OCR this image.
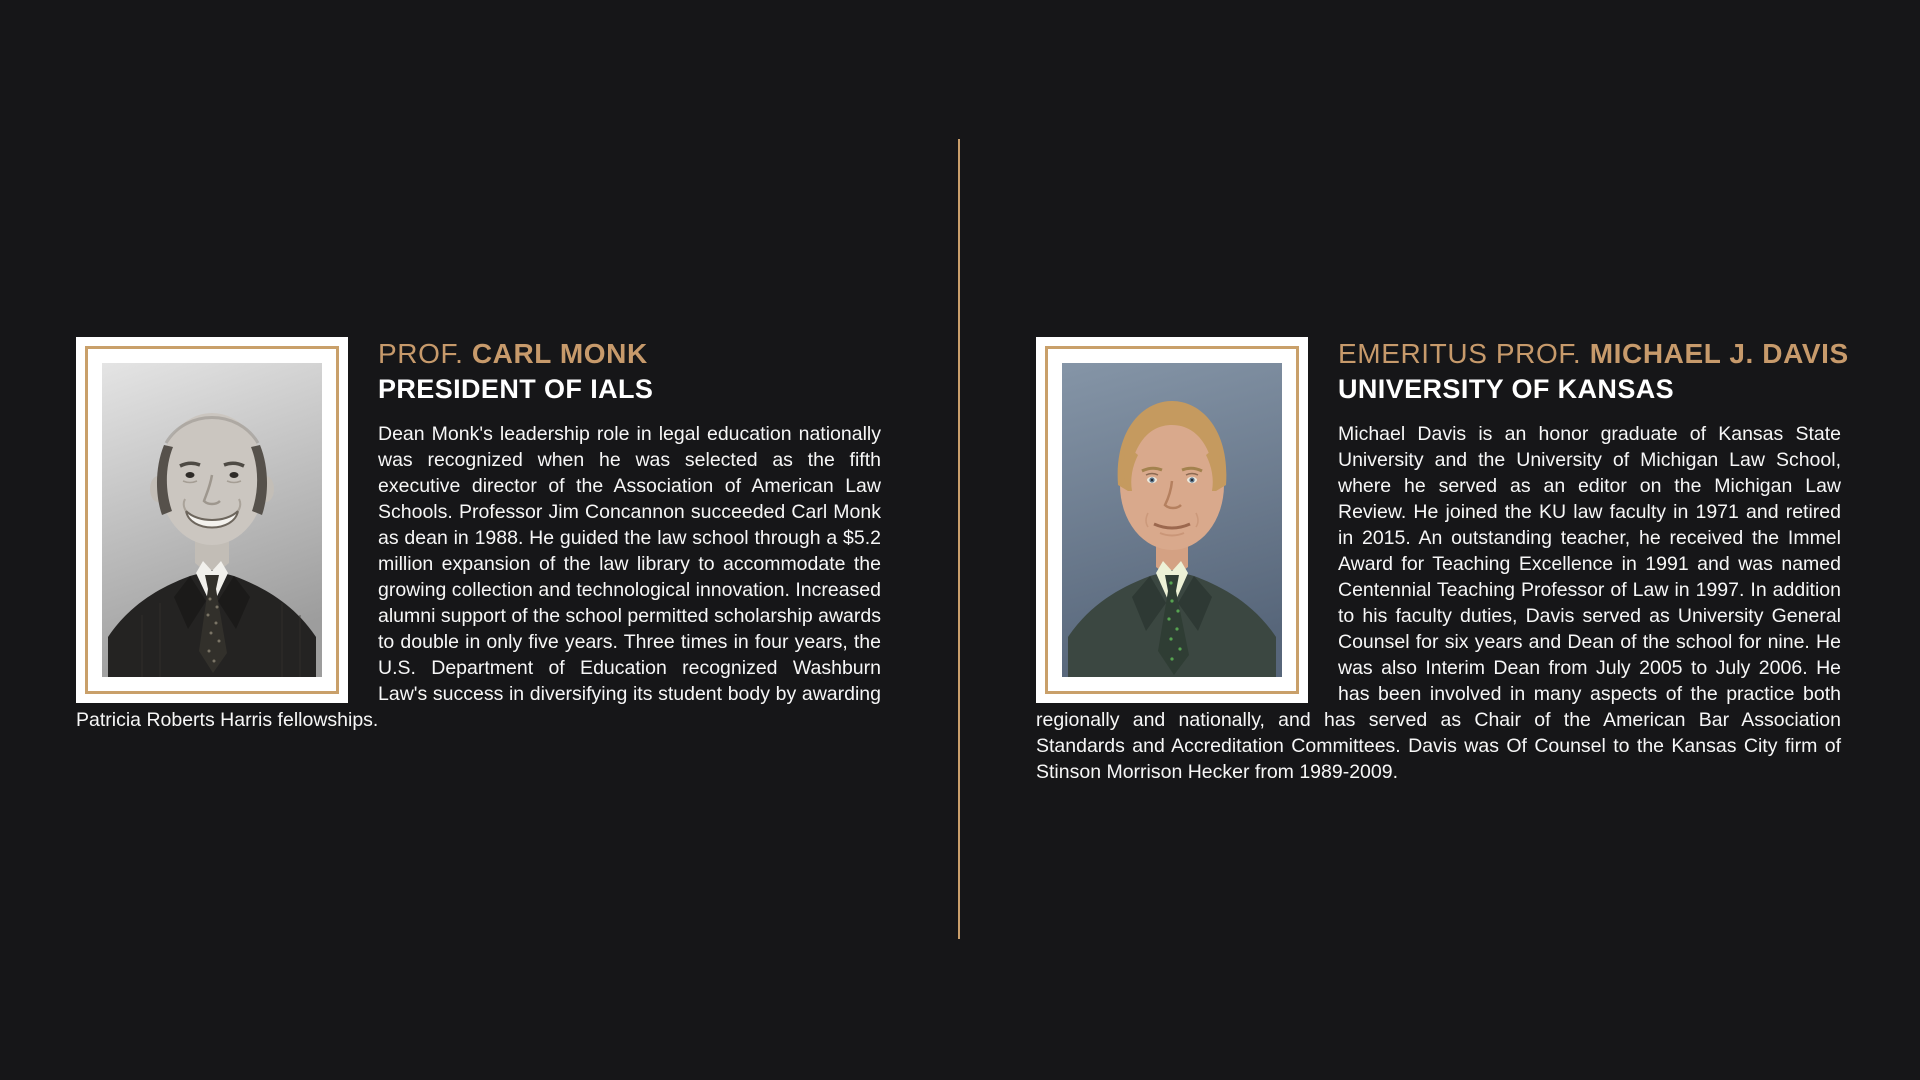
PROF. CARL MONK
PRESIDENT OF IALS

Dean Monk's leadership role in legal education nationally was recognized when he was selected as the fifth executive director of the Association of American Law Schools. Professor Jim Concannon succeeded Carl Monk as dean in 1988. He guided the law school through a $5.2 million expansion of the law library to accommodate the growing collection and technological innovation. Increased alumni support of the school permitted scholarship awards to double in only five years. Three times in four years, the U.S. Department of Education recognized Washburn Law's success in diversifying its student body by awarding Patricia Roberts Harris fellowships.

EMERITUS PROF. MICHAEL J. DAVIS
UNIVERSITY OF KANSAS

Michael Davis is an honor graduate of Kansas State University and the University of Michigan Law School, where he served as an editor on the Michigan Law Review. He joined the KU law faculty in 1971 and retired in 2015. An outstanding teacher, he received the Immel Award for Teaching Excellence in 1991 and was named Centennial Teaching Professor of Law in 1997. In addition to his faculty duties, Davis served as University General Counsel for six years and Dean of the school for nine. He was also Interim Dean from July 2005 to July 2006. He has been involved in many aspects of the practice both regionally and nationally, and has served as Chair of the American Bar Association Standards and Accreditation Committees. Davis was Of Counsel to the Kansas City firm of Stinson Morrison Hecker from 1989-2009.
